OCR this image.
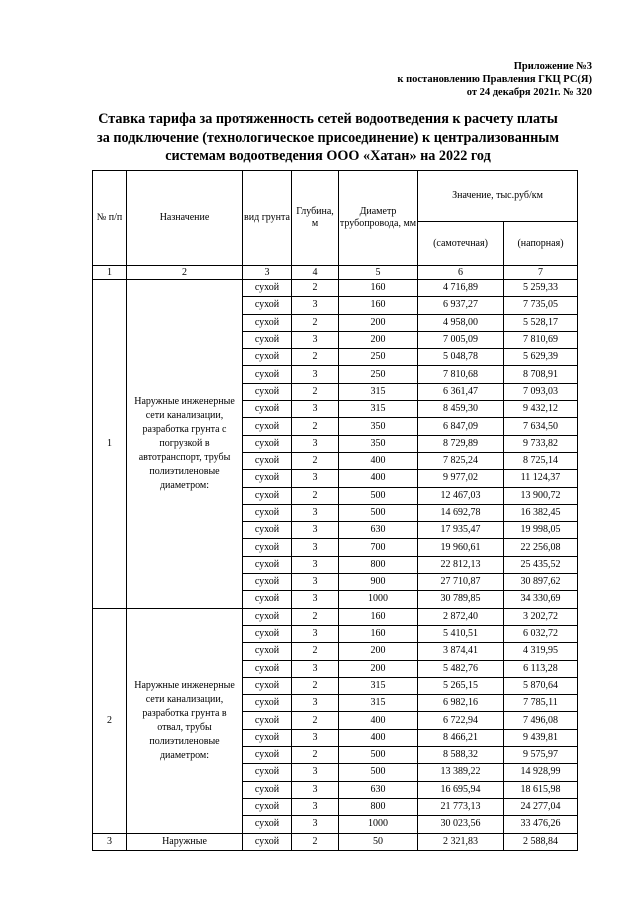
Приложение №3
к постановлению Правления ГКЦ РС(Я)
от 24 декабря 2021г. № 320
Ставка тарифа за протяженность сетей водоотведения к расчету платы
за подключение (технологическое присоединение) к централизованным
системам водоотведения ООО «Хатан» на 2022 год
№ п/п	Назначение	вид грунта	Глубина, м	Диаметр трубопровода, мм	Значение, тыс.руб/км	
					(самотечная)	(напорная)
1	2	3	4	5	6	7
1	Наружные инженерные сети канализации, разработка грунта с погрузкой в автотранспорт, трубы полиэтиленовые диаметром:	сухой	2	160	4 716,89	5 259,33
		сухой	3	160	6 937,27	7 735,05
		сухой	2	200	4 958,00	5 528,17
		сухой	3	200	7 005,09	7 810,69
		сухой	2	250	5 048,78	5 629,39
		сухой	3	250	7 810,68	8 708,91
		сухой	2	315	6 361,47	7 093,03
		сухой	3	315	8 459,30	9 432,12
		сухой	2	350	6 847,09	7 634,50
		сухой	3	350	8 729,89	9 733,82
		сухой	2	400	7 825,24	8 725,14
		сухой	3	400	9 977,02	11 124,37
		сухой	2	500	12 467,03	13 900,72
		сухой	3	500	14 692,78	16 382,45
		сухой	3	630	17 935,47	19 998,05
		сухой	3	700	19 960,61	22 256,08
		сухой	3	800	22 812,13	25 435,52
		сухой	3	900	27 710,87	30 897,62
		сухой	3	1000	30 789,85	34 330,69
2	Наружные инженерные сети канализации, разработка грунта в отвал, трубы полиэтиленовые диаметром:	сухой	2	160	2 872,40	3 202,72
		сухой	3	160	5 410,51	6 032,72
		сухой	2	200	3 874,41	4 319,95
		сухой	3	200	5 482,76	6 113,28
		сухой	2	315	5 265,15	5 870,64
		сухой	3	315	6 982,16	7 785,11
		сухой	2	400	6 722,94	7 496,08
		сухой	3	400	8 466,21	9 439,81
		сухой	2	500	8 588,32	9 575,97
		сухой	3	500	13 389,22	14 928,99
		сухой	3	630	16 695,94	18 615,98
		сухой	3	800	21 773,13	24 277,04
		сухой	3	1000	30 023,56	33 476,26
3	Наружные	сухой	2	50	2 321,83	2 588,84
